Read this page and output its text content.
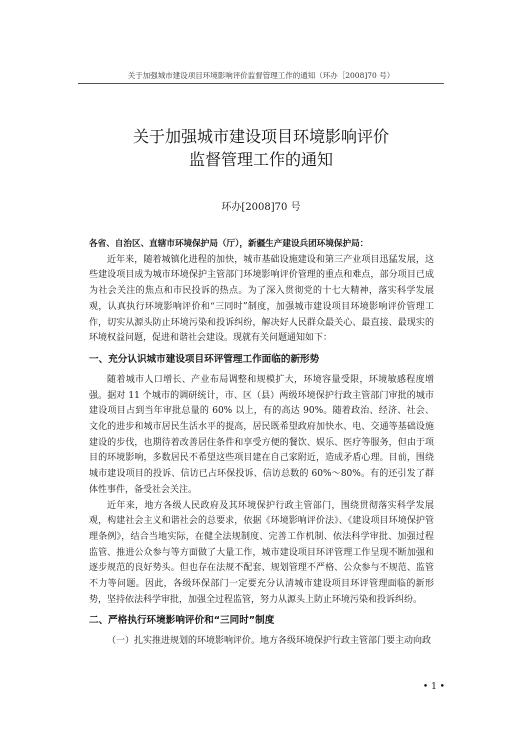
关于加强城市建设项目环境影响评价监督管理工作的通知（环办［2008]70 号）
关于加强城市建设项目环境影响评价
监督管理工作的通知
环办[2008]70 号

各省、自治区、直辖市环境保护局（厅），新疆生产建设兵团环境保护局：

近年来，随着城镇化进程的加快，城市基础设施建设和第三产业项目迅猛发展，这些建设项目成为城市环境保护主管部门环境影响评价管理的重点和难点，部分项目已成为社会关注的焦点和市民投诉的热点。为了深入贯彻党的十七大精神，落实科学发展观，认真执行环境影响评价和“三同时”制度，加强城市建设项目环境影响评价管理工作，切实从源头防止环境污染和投诉纠纷，解决好人民群众最关心、最直接、最现实的环境权益问题，促进和谐社会建设。现就有关问题通知如下：

一、充分认识城市建设项目环评管理工作面临的新形势

随着城市人口增长、产业布局调整和规模扩大，环境容量受限，环境敏感程度增强。据对 11 个城市的调研统计，市、区（县）两级环境保护行政主管部门审批的城市建设项目占到当年审批总量的 60% 以上，有的高达 90%。随着政治、经济、社会、文化的进步和城市居民生活水平的提高，居民既希望政府加快水、电、交通等基础设施建设的步伐，也期待着改善居住条件和享受方便的餐饮、娱乐、医疗等服务，但由于项目的环境影响，多数居民不希望这些项目建在自己家附近，造成矛盾心理。目前，围绕城市建设项目的投诉、信访已占环保投诉、信访总数的 60%～80%。有的还引发了群体性事件，备受社会关注。

近年来，地方各级人民政府及其环境保护行政主管部门，围绕贯彻落实科学发展观，构建社会主义和谐社会的总要求，依据《环境影响评价法》、《建设项目环境保护管理条例》，结合当地实际，在健全法规制度、完善工作机制、依法科学审批、加强过程监管、推进公众参与等方面做了大量工作，城市建设项目环评管理工作呈现不断加强和逐步规范的良好势头。但也存在法规不配套、规划管理不严格、公众参与不规范、监管不力等问题。因此，各级环保部门一定要充分认清城市建设项目环评管理面临的新形势，坚持依法科学审批，加强全过程监管，努力从源头上防止环境污染和投诉纠纷。

二、严格执行环境影响评价和“三同时”制度

（一）扎实推进规划的环境影响评价。地方各级环境保护行政主管部门要主动向政

• 1 •
